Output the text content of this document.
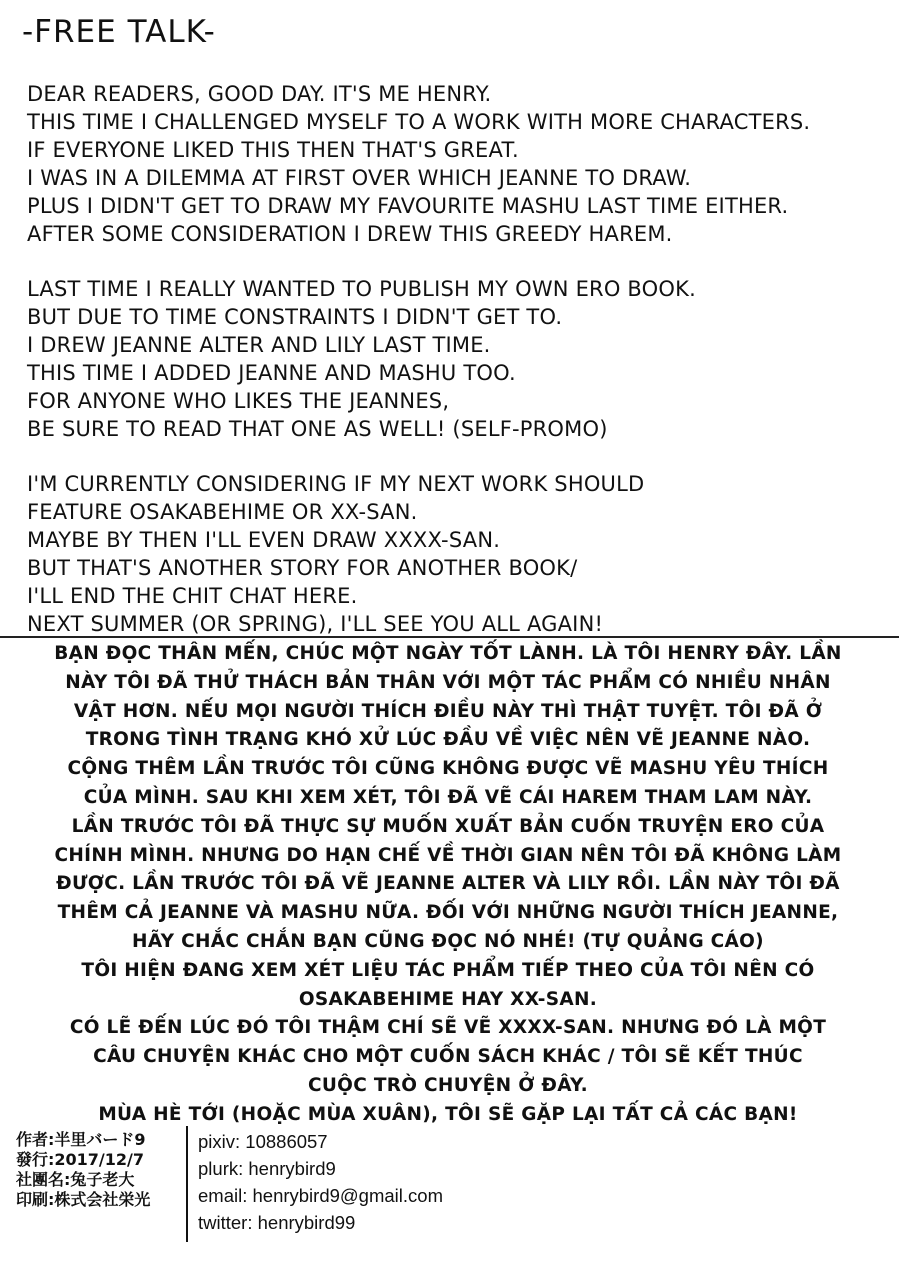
-FREE TALK-
DEAR READERS, GOOD DAY. IT'S ME HENRY.
THIS TIME I CHALLENGED MYSELF TO A WORK WITH MORE CHARACTERS.
IF EVERYONE LIKED THIS THEN THAT'S GREAT.
I WAS IN A DILEMMA AT FIRST OVER WHICH JEANNE TO DRAW.
PLUS I DIDN'T GET TO DRAW MY FAVOURITE MASHU LAST TIME EITHER.
AFTER SOME CONSIDERATION I DREW THIS GREEDY HAREM.
LAST TIME I REALLY WANTED TO PUBLISH MY OWN ERO BOOK.
BUT DUE TO TIME CONSTRAINTS I DIDN'T GET TO.
I DREW JEANNE ALTER AND LILY LAST TIME.
THIS TIME I ADDED JEANNE AND MASHU TOO.
FOR ANYONE WHO LIKES THE JEANNES,
BE SURE TO READ THAT ONE AS WELL! (SELF-PROMO)
I'M CURRENTLY CONSIDERING IF MY NEXT WORK SHOULD
FEATURE OSAKABEHIME OR XX-SAN.
MAYBE BY THEN I'LL EVEN DRAW XXXX-SAN.
BUT THAT'S ANOTHER STORY FOR ANOTHER BOOK/
I'LL END THE CHIT CHAT HERE.
NEXT SUMMER (OR SPRING), I'LL SEE YOU ALL AGAIN!
BẠN ĐỌC THÂN MẾN, CHÚC MỘT NGÀY TỐT LÀNH. LÀ TÔI HENRY ĐÂY. LẦN
NÀY TÔI ĐÃ THỬ THÁCH BẢN THÂN VỚI MỘT TÁC PHẨM CÓ NHIỀU NHÂN
VẬT HƠN. NẾU MỌI NGƯỜI THÍCH ĐIỀU NÀY THÌ THẬT TUYỆT. TÔI ĐÃ Ở
TRONG TÌNH TRẠNG KHÓ XỬ LÚC ĐẦU VỀ VIỆC NÊN VẼ JEANNE NÀO.
CỘNG THÊM LẦN TRƯỚC TÔI CŨNG KHÔNG ĐƯỢC VẼ MASHU YÊU THÍCH
CỦA MÌNH. SAU KHI XEM XÉT, TÔI ĐÃ VẼ CÁI HAREM THAM LAM NÀY.
LẦN TRƯỚC TÔI ĐÃ THỰC SỰ MUỐN XUẤT BẢN CUỐN TRUYỆN ERO CỦA
CHÍNH MÌNH. NHƯNG DO HẠN CHẾ VỀ THỜI GIAN NÊN TÔI ĐÃ KHÔNG LÀM
ĐƯỢC. LẦN TRƯỚC TÔI ĐÃ VẼ JEANNE ALTER VÀ LILY RỒI. LẦN NÀY TÔI ĐÃ
THÊM CẢ JEANNE VÀ MASHU NỮA. ĐỐI VỚI NHỮNG NGƯỜI THÍCH JEANNE,
HÃY CHẮC CHẮN BẠN CŨNG ĐỌC NÓ NHÉ! (TỰ QUẢNG CÁO)
TÔI HIỆN ĐANG XEM XÉT LIỆU TÁC PHẨM TIẾP THEO CỦA TÔI NÊN CÓ
OSAKABEHIME HAY XX-SAN.
CÓ LẼ ĐẾN LÚC ĐÓ TÔI THẬM CHÍ SẼ VẼ XXXX-SAN. NHƯNG ĐÓ LÀ MỘT
CÂU CHUYỆN KHÁC CHO MỘT CUỐN SÁCH KHÁC / TÔI SẼ KẾT THÚC
CUỘC TRÒ CHUYỆN Ở ĐÂY.
MÙA HÈ TỚI (HOẶC MÙA XUÂN), TÔI SẼ GẶP LẠI TẤT CẢ CÁC BẠN!
作者:半里バード9
發行:2017/12/7
社團名:兔子老大
印刷:株式会社栄光
pixiv: 10886057
plurk: henrybird9
email: henrybird9@gmail.com
twitter: henrybird99
